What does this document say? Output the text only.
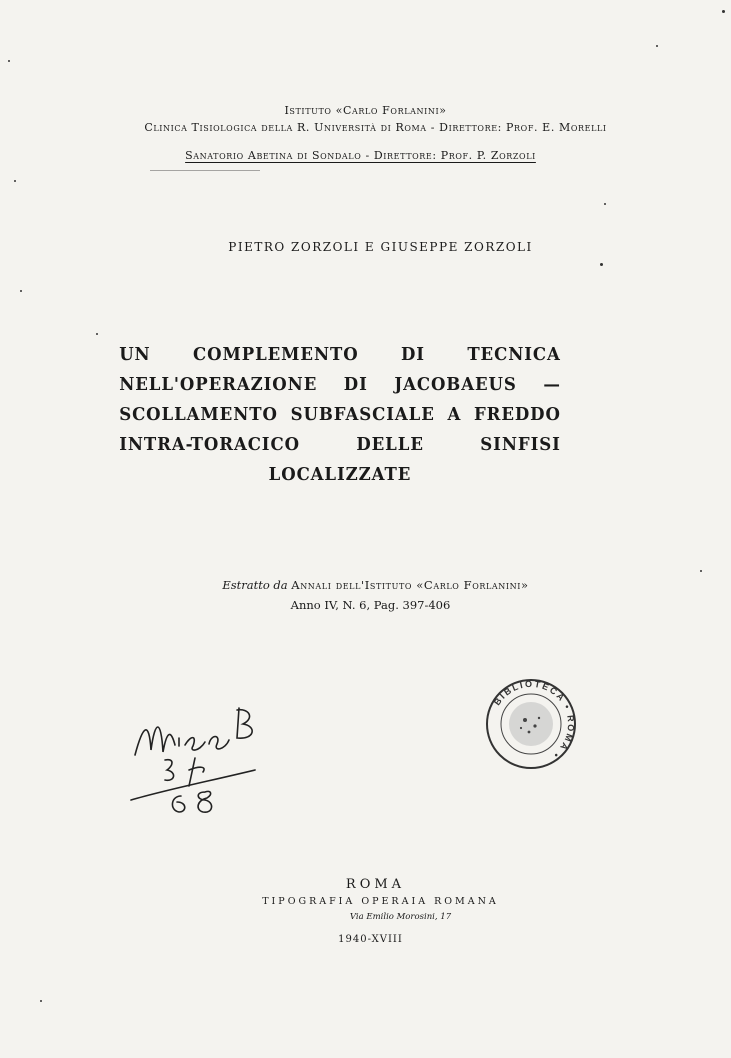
Istituto «Carlo Forlanini»
Clinica Tisiologica della R. Università di Roma - Direttore: Prof. E. Morelli
Sanatorio Abetina di Sondalo - Direttore: Prof. P. Zorzoli
PIETRO ZORZOLI E GIUSEPPE ZORZOLI
UN COMPLEMENTO DI TECNICA NELL'OPERAZIONE DI JACOBAEUS — SCOLLAMENTO SUBFASCIALE A FREDDO INTRA-TORACICO DELLE SINFISI LOCALIZZATE
Estratto da Annali dell'Istituto «Carlo Forlanini»
Anno IV, N. 6, Pag. 397-406
BIBLIOTECA • ROMA •
ROMA
TIPOGRAFIA OPERAIA ROMANA
Via Emilio Morosini, 17
1940-XVIII
